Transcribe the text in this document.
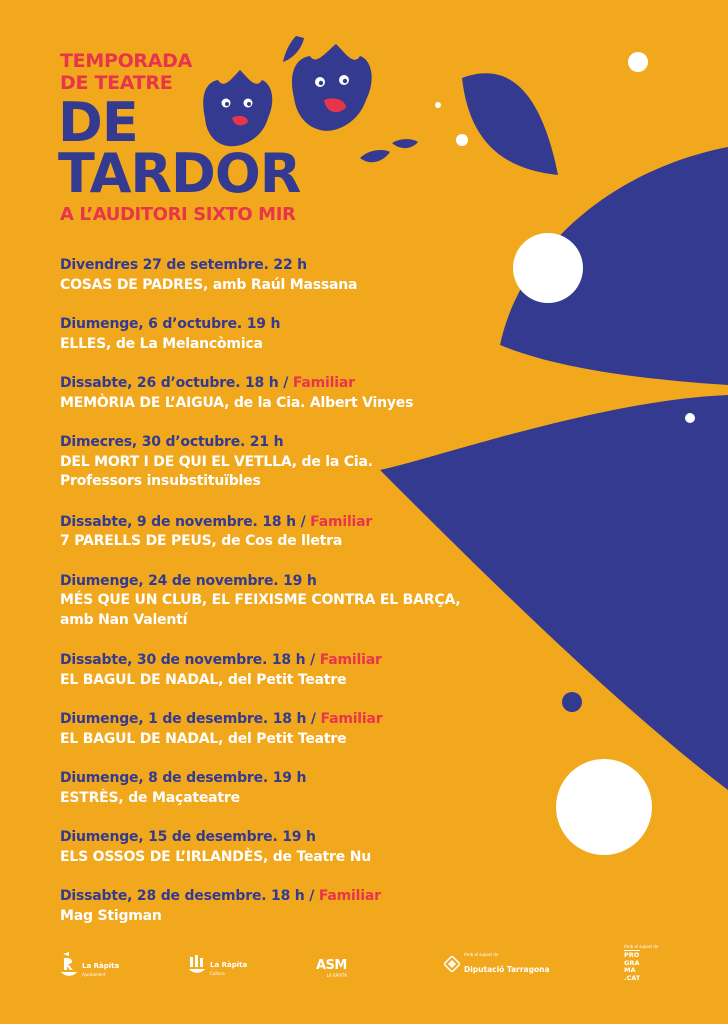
TEMPORADA
DE TEATRE
DE
TARDOR
A L’AUDITORI SIXTO MIR
Divendres 27 de setembre. 22 h
COSAS DE PADRES, amb Raúl Massana
Diumenge, 6 d’octubre. 19 h
ELLES, de La Melancòmica
Dissabte, 26 d’octubre. 18 h / Familiar
MEMÒRIA DE L’AIGUA, de la Cia. Albert Vinyes
Dimecres, 30 d’octubre. 21 h
DEL MORT I DE QUI EL VETLLA, de la Cia.
Professors insubstituïbles
Dissabte, 9 de novembre. 18 h / Familiar
7 PARELLS DE PEUS, de Cos de lletra
Diumenge, 24 de novembre. 19 h
MÉS QUE UN CLUB, EL FEIXISME CONTRA EL BARÇA,
amb Nan Valentí
Dissabte, 30 de novembre. 18 h / Familiar
EL BAGUL DE NADAL, del Petit Teatre
Diumenge, 1 de desembre. 18 h / Familiar
EL BAGUL DE NADAL, del Petit Teatre
Diumenge, 8 de desembre. 19 h
ESTRÈS, de Maçateatre
Diumenge, 15 de desembre. 19 h
ELS OSSOS DE L’IRLANDÈS, de Teatre Nu
Dissabte, 28 de desembre. 18 h / Familiar
Mag Stigman
La Ràpita
Ajuntament
La Ràpita
Cultura
ASM
LA RÀPITA
Amb el suport de
Diputació Tarragona
Amb el suport de
PRO
GRA
MA
.CAT
